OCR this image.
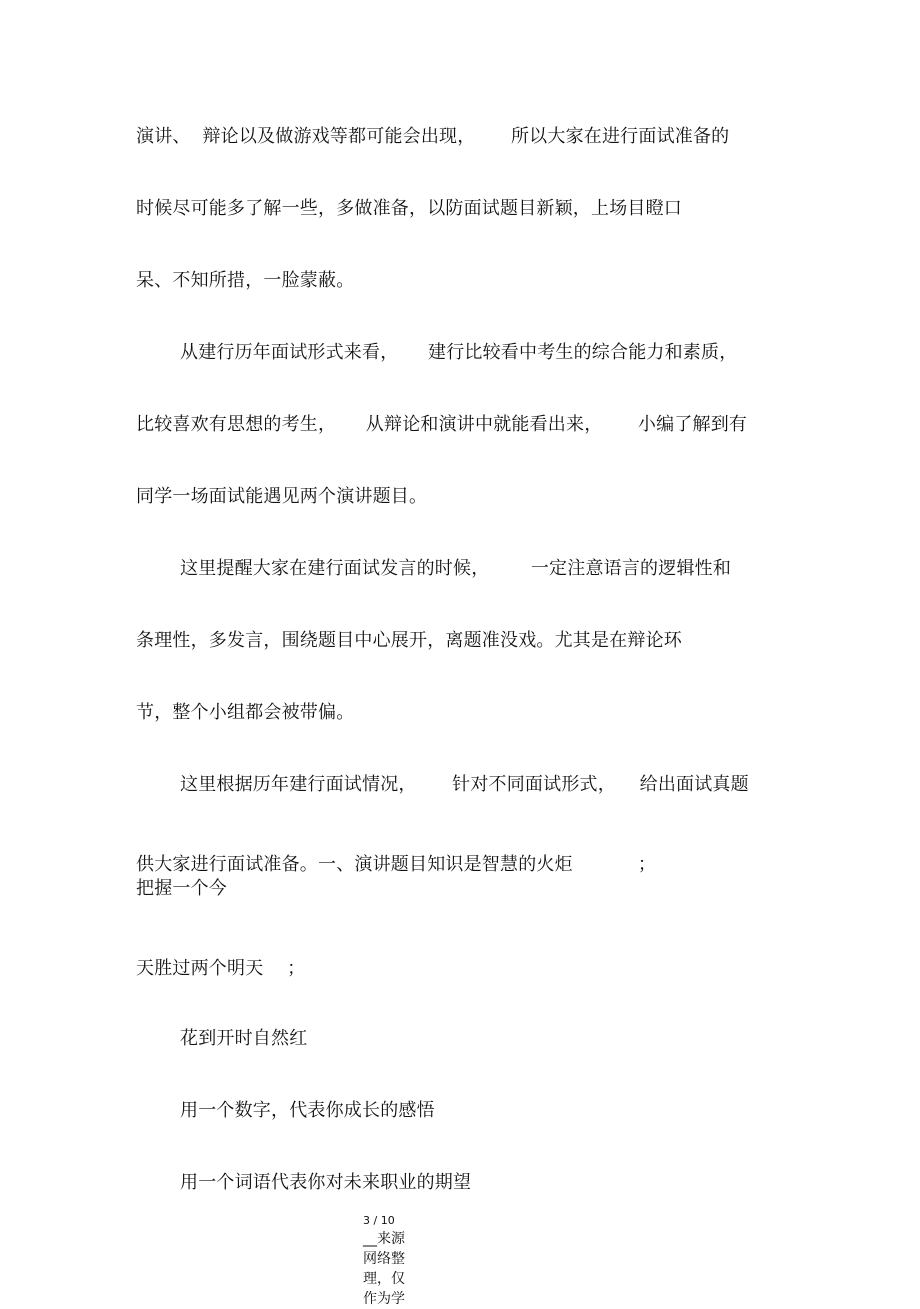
演讲、  辩论以及做游戏等都可能会出现，      所以大家在进行面试准备的
时候尽可能多了解一些，多做准备，以防面试题目新颖，上场目瞪口
呆、不知所措，一脸蒙蔽。
从建行历年面试形式来看，     建行比较看中考生的综合能力和素质，
比较喜欢有思想的考生，     从辩论和演讲中就能看出来，      小编了解到有
同学一场面试能遇见两个演讲题目。
这里提醒大家在建行面试发言的时候，       一定注意语言的逻辑性和
条理性，多发言，围绕题目中心展开，离题准没戏。尤其是在辩论环
节，整个小组都会被带偏。
这里根据历年建行面试情况，      针对不同面试形式，    给出面试真题
供大家进行面试准备。一、演讲题目知识是智慧的火炬           ；
把握一个今
天胜过两个明天    ；
花到开时自然红
用一个数字，代表你成长的感悟
用一个词语代表你对未来职业的期望
3 / 10
__来源
网络整
理，仅
作为学
